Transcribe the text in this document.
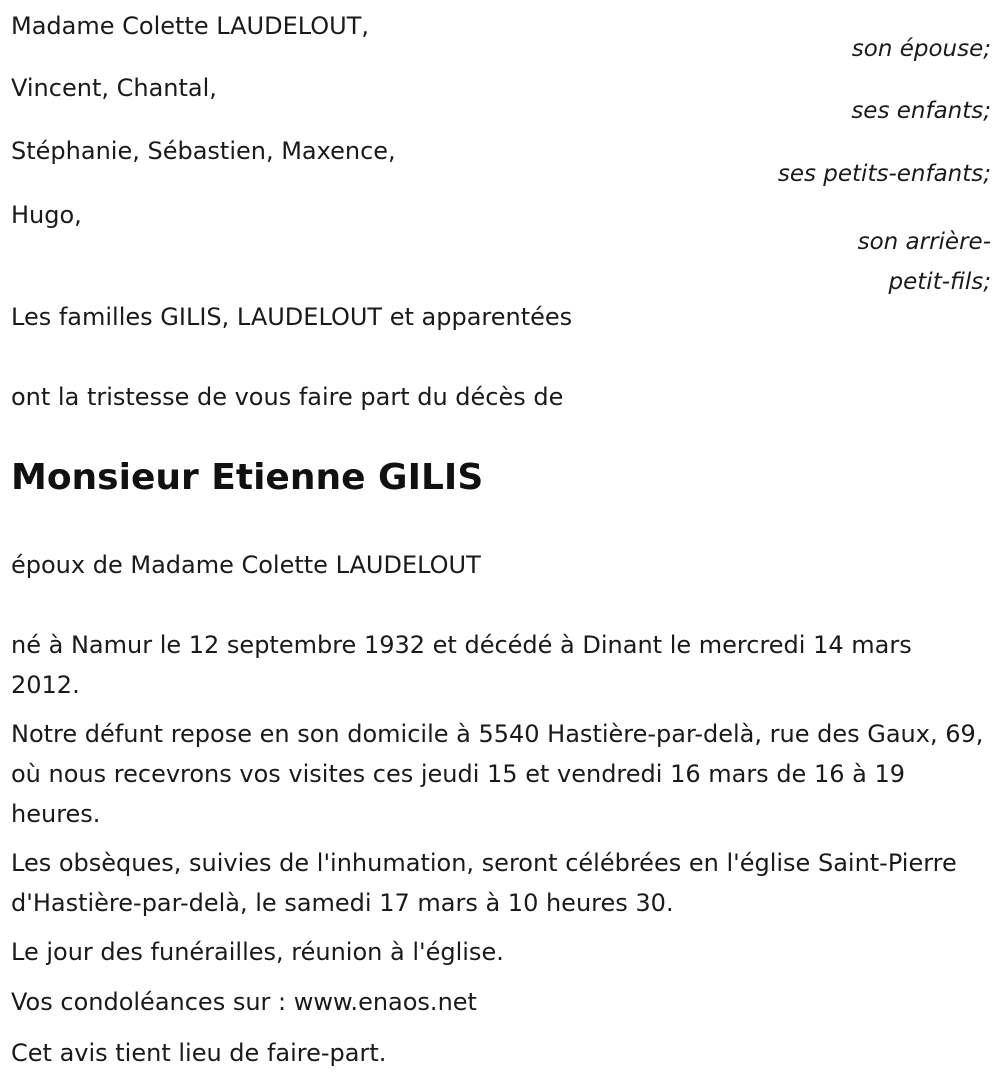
Madame Colette LAUDELOUT,

son épouse;

Vincent, Chantal,

ses enfants;

Stéphanie, Sébastien, Maxence,

ses petits-enfants;

Hugo,

son arrière-petit-fils;

Les familles GILIS, LAUDELOUT et apparentées

ont la tristesse de vous faire part du décès de

Monsieur Etienne GILIS

époux de Madame Colette LAUDELOUT

né à Namur le 12 septembre 1932 et décédé à Dinant le mercredi 14 mars 2012.

Notre défunt repose en son domicile à 5540 Hastière-par-delà, rue des Gaux, 69, où nous recevrons vos visites ces jeudi 15 et vendredi 16 mars de 16 à 19 heures.

Les obsèques, suivies de l'inhumation, seront célébrées en l'église Saint-Pierre d'Hastière-par-delà, le samedi 17 mars à 10 heures 30.

Le jour des funérailles, réunion à l'église.

Vos condoléances sur : www.enaos.net

Cet avis tient lieu de faire-part.
